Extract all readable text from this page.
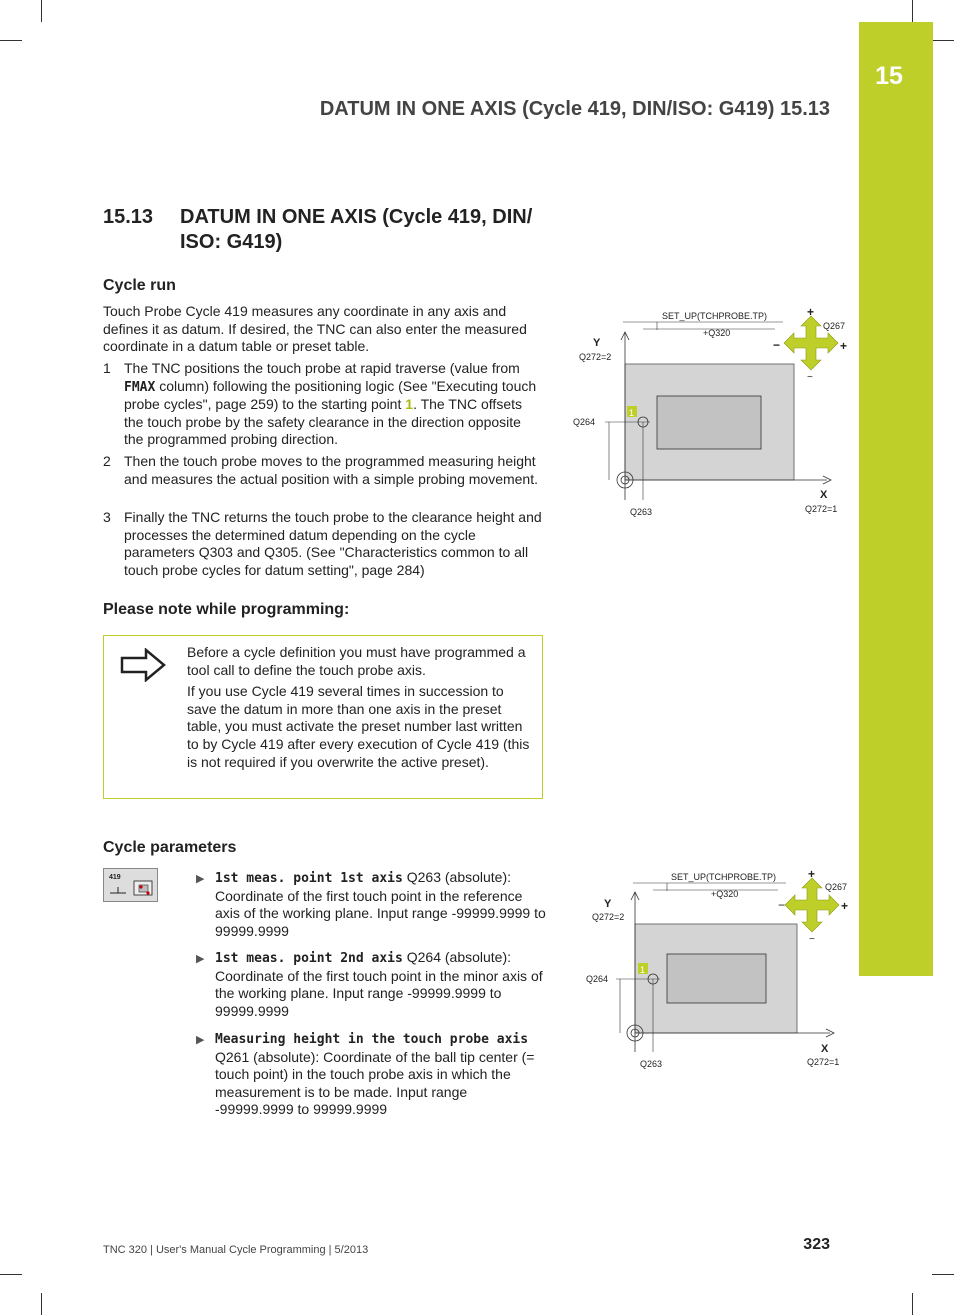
15
DATUM IN ONE AXIS (Cycle 419, DIN/ISO: G419) 15.13
15.13 DATUM IN ONE AXIS (Cycle 419, DIN/ ISO: G419)
Cycle run
Touch Probe Cycle 419 measures any coordinate in any axis and defines it as datum. If desired, the TNC can also enter the measured coordinate in a datum table or preset table.
1 The TNC positions the touch probe at rapid traverse (value from FMAX column) following the positioning logic (See "Executing touch probe cycles", page 259) to the starting point 1. The TNC offsets the touch probe by the safety clearance in the direction opposite the programmed probing direction.
2 Then the touch probe moves to the programmed measuring height and measures the actual position with a simple probing movement.
3 Finally the TNC returns the touch probe to the clearance height and processes the determined datum depending on the cycle parameters Q303 and Q305. (See "Characteristics common to all touch probe cycles for datum setting", page 284)
Please note while programming:

Before a cycle definition you must have programmed a tool call to define the touch probe axis.

If you use Cycle 419 several times in succession to save the datum in more than one axis in the preset table, you must activate the preset number last written to by Cycle 419 after every execution of Cycle 419 (this is not required if you overwrite the active preset).

Cycle parameters
419	▶ 1st meas. point 1st axis Q263 (absolute): Coordinate of the first touch point in the reference axis of the working plane. Input range -99999.9999 to 99999.9999
▶ 1st meas. point 2nd axis Q264 (absolute): Coordinate of the first touch point in the minor axis of the working plane. Input range -99999.9999 to 99999.9999
▶ Measuring height in the touch probe axis Q261 (absolute): Coordinate of the ball tip center (= touch point) in the touch probe axis in which the measurement is to be made. Input range -99999.9999 to 99999.9999
1
SET_UP(TCHPROBE.TP)
+Q320
Y
Q272=2
Q264
Q263
X
Q272=1
Q267
+
+
−
−
1
SET_UP(TCHPROBE.TP)
+Q320
Y
Q272=2
Q264
Q263
X
Q272=1
Q267
+
+
−
−
TNC 320 | User's Manual Cycle Programming | 5/2013	323
